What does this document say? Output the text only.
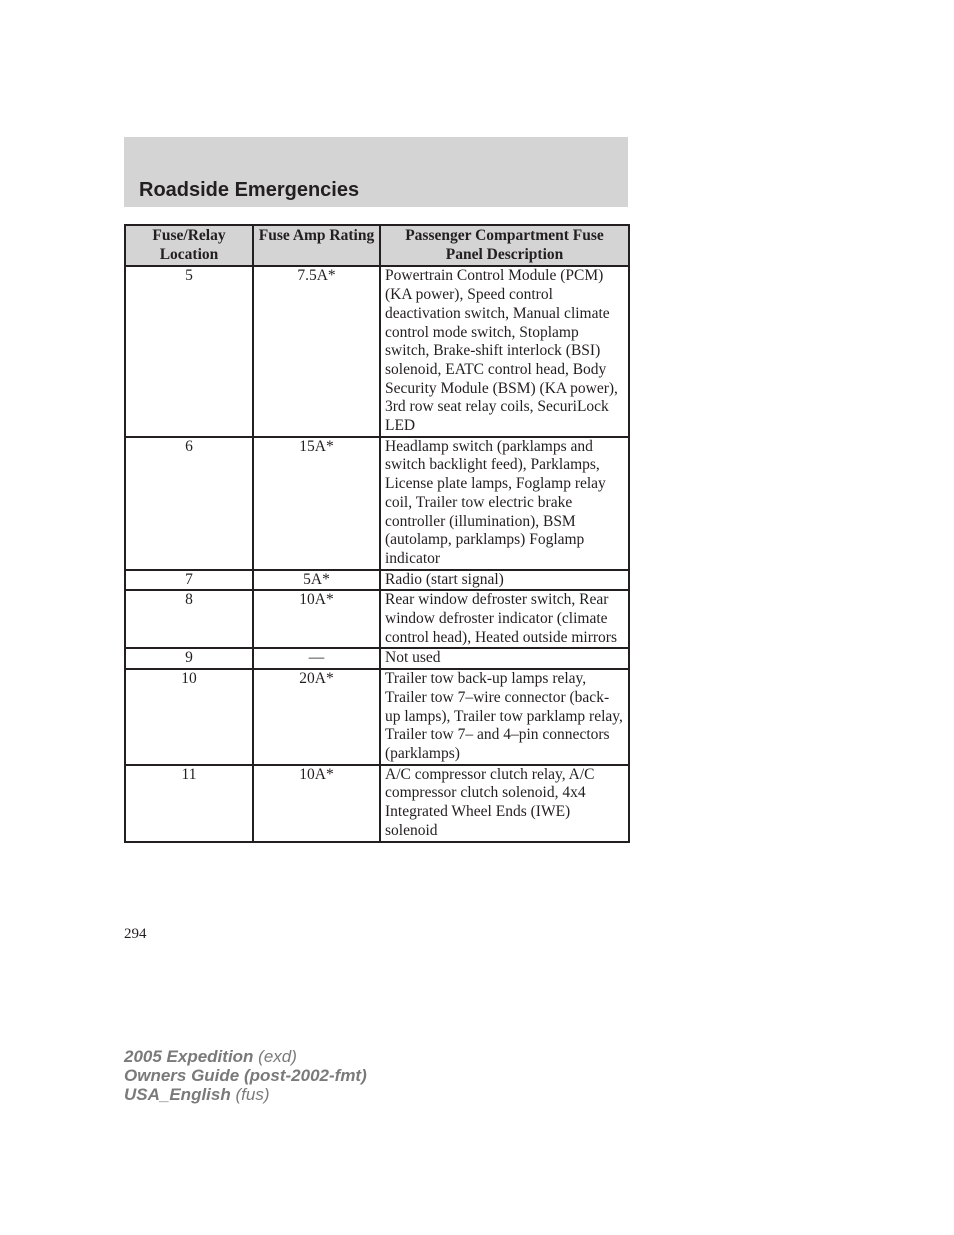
Roadside Emergencies
Fuse/Relay Location	Fuse Amp Rating	Passenger Compartment Fuse Panel Description
5	7.5A*	Powertrain Control Module (PCM) (KA power), Speed control deactivation switch, Manual climate control mode switch, Stoplamp switch, Brake-shift interlock (BSI) solenoid, EATC control head, Body Security Module (BSM) (KA power), 3rd row seat relay coils, SecuriLock LED
6	15A*	Headlamp switch (parklamps and switch backlight feed), Parklamps, License plate lamps, Foglamp relay coil, Trailer tow electric brake controller (illumination), BSM (autolamp, parklamps) Foglamp indicator
7	5A*	Radio (start signal)
8	10A*	Rear window defroster switch, Rear window defroster indicator (climate control head), Heated outside mirrors
9	—	Not used
10	20A*	Trailer tow back-up lamps relay, Trailer tow 7–wire connector (back-up lamps), Trailer tow parklamp relay, Trailer tow 7– and 4–pin connectors (parklamps)
11	10A*	A/C compressor clutch relay, A/C compressor clutch solenoid, 4x4 Integrated Wheel Ends (IWE) solenoid
294
2005 Expedition (exd)
Owners Guide (post-2002-fmt)
USA_English (fus)
